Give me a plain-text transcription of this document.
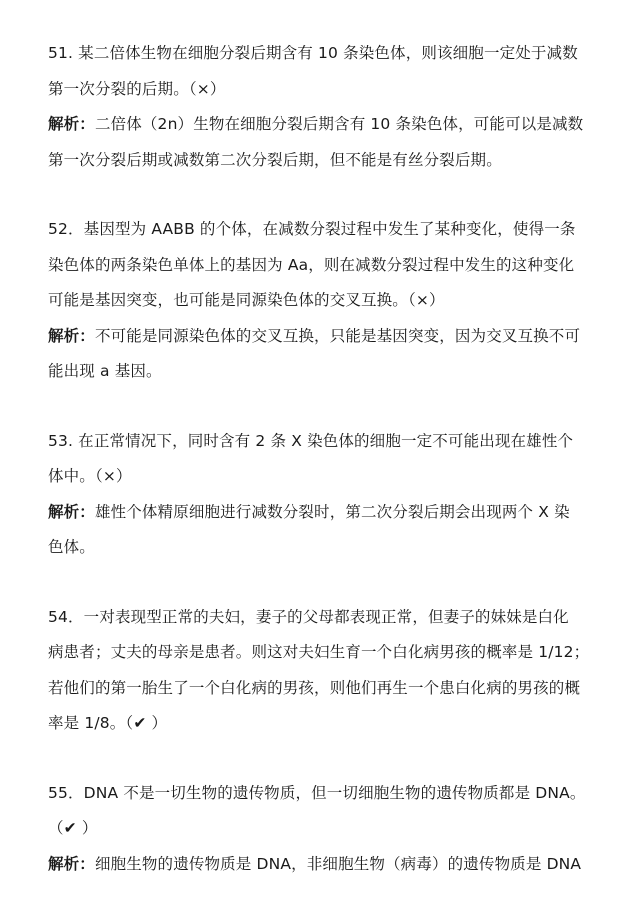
51. 某二倍体生物在细胞分裂后期含有 10 条染色体，则该细胞一定处于减数
第一次分裂的后期。（×）
解析：二倍体（2n）生物在细胞分裂后期含有 10 条染色体，可能可以是减数
第一次分裂后期或减数第二次分裂后期，但不能是有丝分裂后期。
52．基因型为 AABB 的个体，在减数分裂过程中发生了某种变化，使得一条
染色体的两条染色单体上的基因为 Aa，则在减数分裂过程中发生的这种变化
可能是基因突变，也可能是同源染色体的交叉互换。（×）
解析：不可能是同源染色体的交叉互换，只能是基因突变，因为交叉互换不可
能出现 a 基因。
53. 在正常情况下，同时含有 2 条 X 染色体的细胞一定不可能出现在雄性个
体中。（×）
解析：雄性个体精原细胞进行减数分裂时，第二次分裂后期会出现两个 X 染
色体。
54．一对表现型正常的夫妇，妻子的父母都表现正常，但妻子的妹妹是白化
病患者；丈夫的母亲是患者。则这对夫妇生育一个白化病男孩的概率是 1/12；
若他们的第一胎生了一个白化病的男孩，则他们再生一个患白化病的男孩的概
率是 1/8。（✔ ）
55．DNA 不是一切生物的遗传物质，但一切细胞生物的遗传物质都是 DNA。
（✔ ）
解析：细胞生物的遗传物质是 DNA，非细胞生物（病毒）的遗传物质是 DNA
